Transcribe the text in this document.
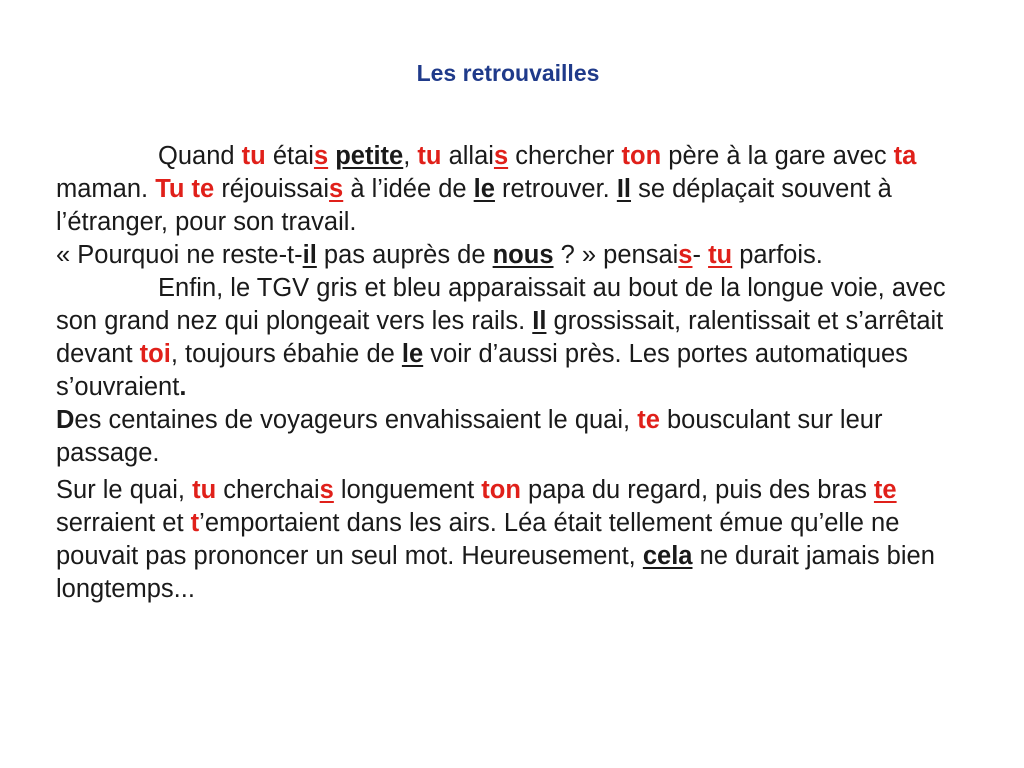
Les retrouvailles

Quand tu étais petite, tu allais chercher ton père à la gare avec ta maman. Tu te réjouissais à l’idée de le retrouver. Il se déplaçait souvent à l’étranger, pour son travail.
« Pourquoi ne reste-t-il pas auprès de nous ? » pensais- tu parfois.

Enfin, le TGV gris et bleu apparaissait au bout de la longue voie, avec son grand nez qui plongeait vers les rails. Il grossissait, ralentissait et s’arrêtait devant toi, toujours ébahie de le voir d’aussi près. Les portes automatiques s’ouvraient.
Des centaines de voyageurs envahissaient le quai, te bousculant sur leur passage.

Sur le quai, tu cherchais longuement ton papa du regard, puis des bras te serraient et t’emportaient dans les airs. Léa était tellement émue qu’elle ne pouvait pas prononcer un seul mot. Heureusement, cela ne durait jamais bien longtemps...
